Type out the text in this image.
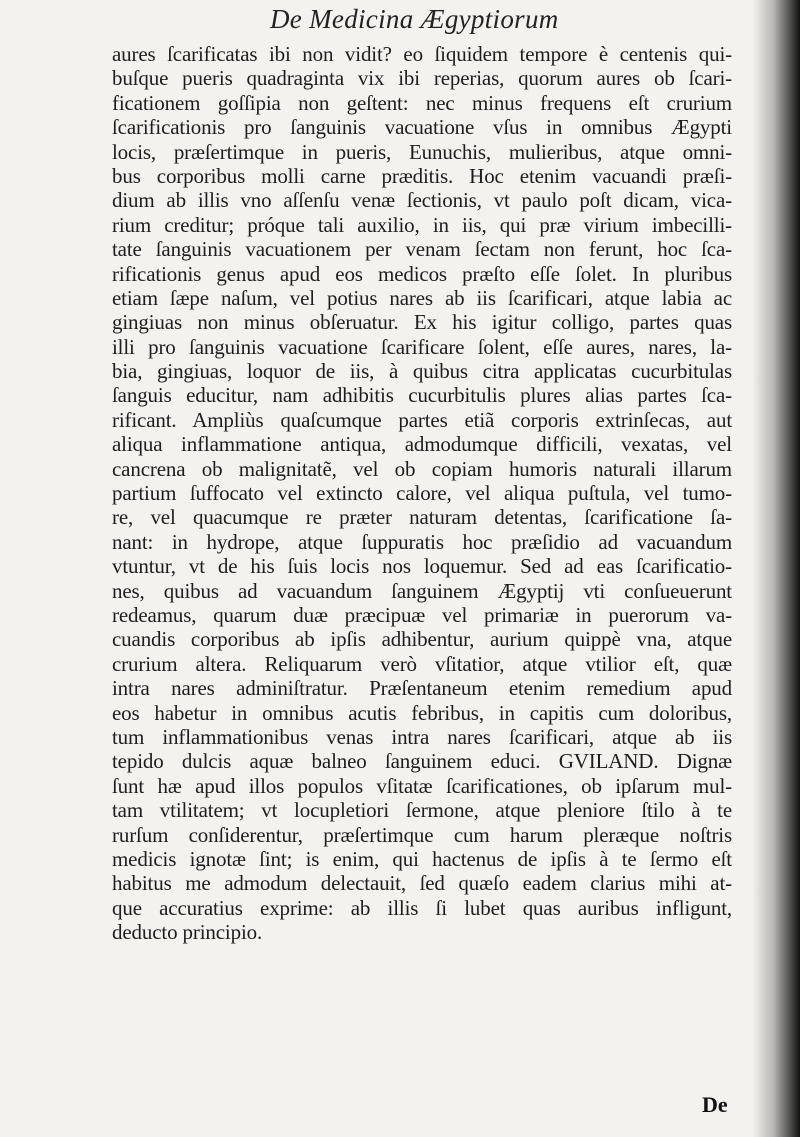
De Medicina Ægyptiorum
aures ſcarificatas ibi non vidit? eo ſiquidem tempore è centenis qui-
buſque pueris quadraginta vix ibi reperias, quorum aures ob ſcari-
ficationem goſſipia non geſtent: nec minus frequens eſt crurium
ſcarificationis pro ſanguinis vacuatione vſus in omnibus Ægypti
locis, præſertimque in pueris, Eunuchis, mulieribus, atque omni-
bus corporibus molli carne præditis. Hoc etenim vacuandi præſi-
dium ab illis vno aſſenſu venæ ſectionis, vt paulo poſt dicam, vica-
rium creditur; próque tali auxilio, in iis, qui præ virium imbecilli-
tate ſanguinis vacuationem per venam ſectam non ferunt, hoc ſca-
rificationis genus apud eos medicos præſto eſſe ſolet. In pluribus
etiam ſæpe naſum, vel potius nares ab iis ſcarificari, atque labia ac
gingiuas non minus obſeruatur. Ex his igitur colligo, partes quas
illi pro ſanguinis vacuatione ſcarificare ſolent, eſſe aures, nares, la-
bia, gingiuas, loquor de iis, à quibus citra applicatas cucurbitulas
ſanguis educitur, nam adhibitis cucurbitulis plures alias partes ſca-
rificant. Ampliùs quaſcumque partes etiã corporis extrinſecas, aut
aliqua inflammatione antiqua, admodumque difficili, vexatas, vel
cancrena ob malignitatẽ, vel ob copiam humoris naturali illarum
partium ſuffocato vel extincto calore, vel aliqua puſtula, vel tumo-
re, vel quacumque re præter naturam detentas, ſcarificatione ſa-
nant: in hydrope, atque ſuppuratis hoc præſidio ad vacuandum
vtuntur, vt de his ſuis locis nos loquemur. Sed ad eas ſcarificatio-
nes, quibus ad vacuandum ſanguinem Ægyptij vti conſueuerunt
redeamus, quarum duæ præcipuæ vel primariæ in puerorum va-
cuandis corporibus ab ipſis adhibentur, aurium quippè vna, atque
crurium altera. Reliquarum verò vſitatior, atque vtilior eſt, quæ
intra nares adminiſtratur. Præſentaneum etenim remedium apud
eos habetur in omnibus acutis febribus, in capitis cum doloribus,
tum inflammationibus venas intra nares ſcarificari, atque ab iis
tepido dulcis aquæ balneo ſanguinem educi. GVILAND. Dignæ
ſunt hæ apud illos populos vſitatæ ſcarificationes, ob ipſarum mul-
tam vtilitatem; vt locupletiori ſermone, atque pleniore ſtilo à te
rurſum conſiderentur, præſertimque cum harum pleræque noſtris
medicis ignotæ ſint; is enim, qui hactenus de ipſis à te ſermo eſt
habitus me admodum delectauit, ſed quæſo eadem clarius mihi at-
que accuratius exprime: ab illis ſi lubet quas auribus infligunt,
deducto principio.
De
